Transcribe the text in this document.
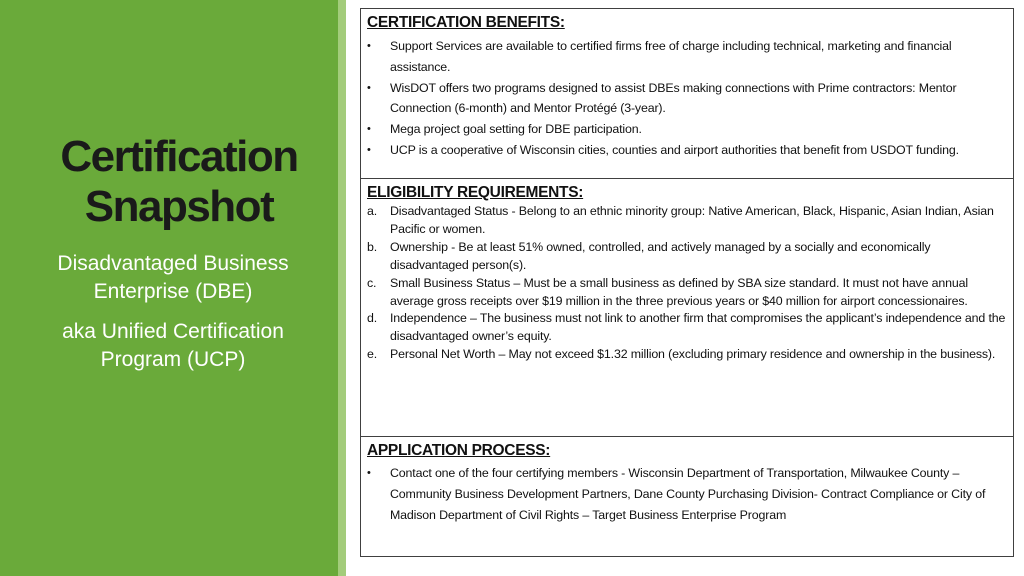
Certification
Snapshot
Disadvantaged Business
Enterprise (DBE)
aka Unified Certification
Program (UCP)
CERTIFICATION BENEFITS:
•	Support Services are available to certified firms free of charge including technical, marketing and financial assistance.
•	WisDOT offers two programs designed to assist DBEs making connections with Prime contractors: Mentor Connection (6-month) and Mentor Protégé (3-year).
•	Mega project goal setting for DBE participation.
•	UCP is a cooperative of Wisconsin cities, counties and airport authorities that benefit from USDOT funding.
ELIGIBILITY REQUIREMENTS:
a.	Disadvantaged Status - Belong to an ethnic minority group: Native American, Black, Hispanic, Asian Indian, Asian Pacific or women.
b.	Ownership - Be at least 51% owned, controlled, and actively managed by a socially and economically disadvantaged person(s).
c.	Small Business Status – Must be a small business as defined by SBA size standard. It must not have annual average gross receipts over $19 million in the three previous years or $40 million for airport concessionaires.
d.	Independence – The business must not link to another firm that compromises the applicant’s independence and the disadvantaged owner’s equity.
e.	Personal Net Worth – May not exceed $1.32 million (excluding primary residence and ownership in the business).
APPLICATION PROCESS:
•	Contact one of the four certifying members - Wisconsin Department of Transportation, Milwaukee County – Community Business Development Partners, Dane County Purchasing Division- Contract Compliance or City of Madison Department of Civil Rights – Target Business Enterprise Program
